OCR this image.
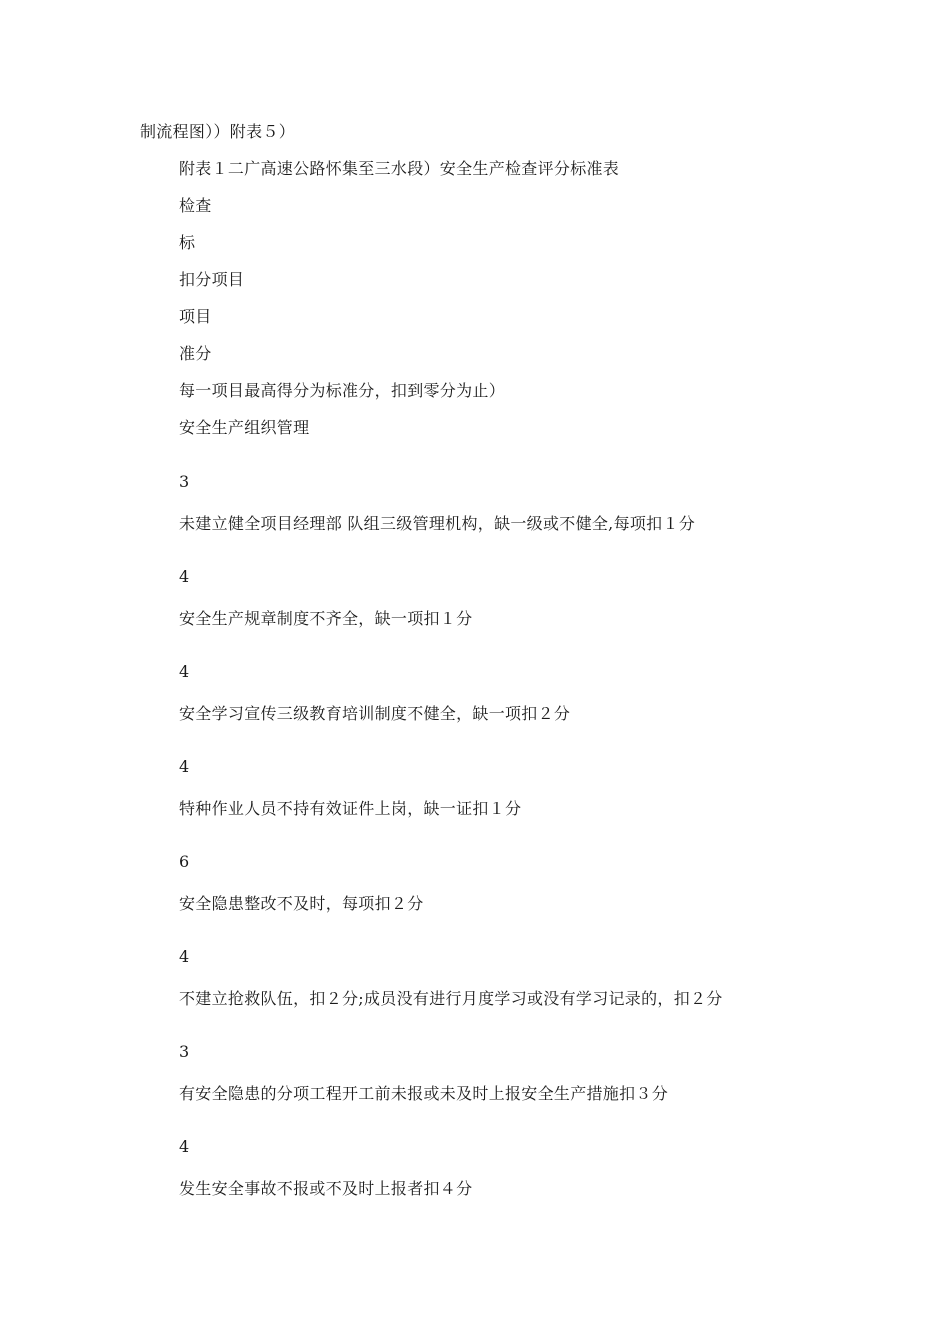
制流程图））附表５）
附表１二广高速公路怀集至三水段）安全生产检查评分标准表
检查
标
扣分项目
项目
准分
每一项目最高得分为标准分，扣到零分为止）
安全生产组织管理
3
未建立健全项目经理部 队组三级管理机构，缺一级或不健全,每项扣１分
4
安全生产规章制度不齐全，缺一项扣１分
4
安全学习宣传三级教育培训制度不健全，缺一项扣２分
4
特种作业人员不持有效证件上岗，缺一证扣１分
6
安全隐患整改不及时，每项扣２分
4
不建立抢救队伍，扣２分;成员没有进行月度学习或没有学习记录的，扣２分
3
有安全隐患的分项工程开工前未报或未及时上报安全生产措施扣３分
4
发生安全事故不报或不及时上报者扣４分
